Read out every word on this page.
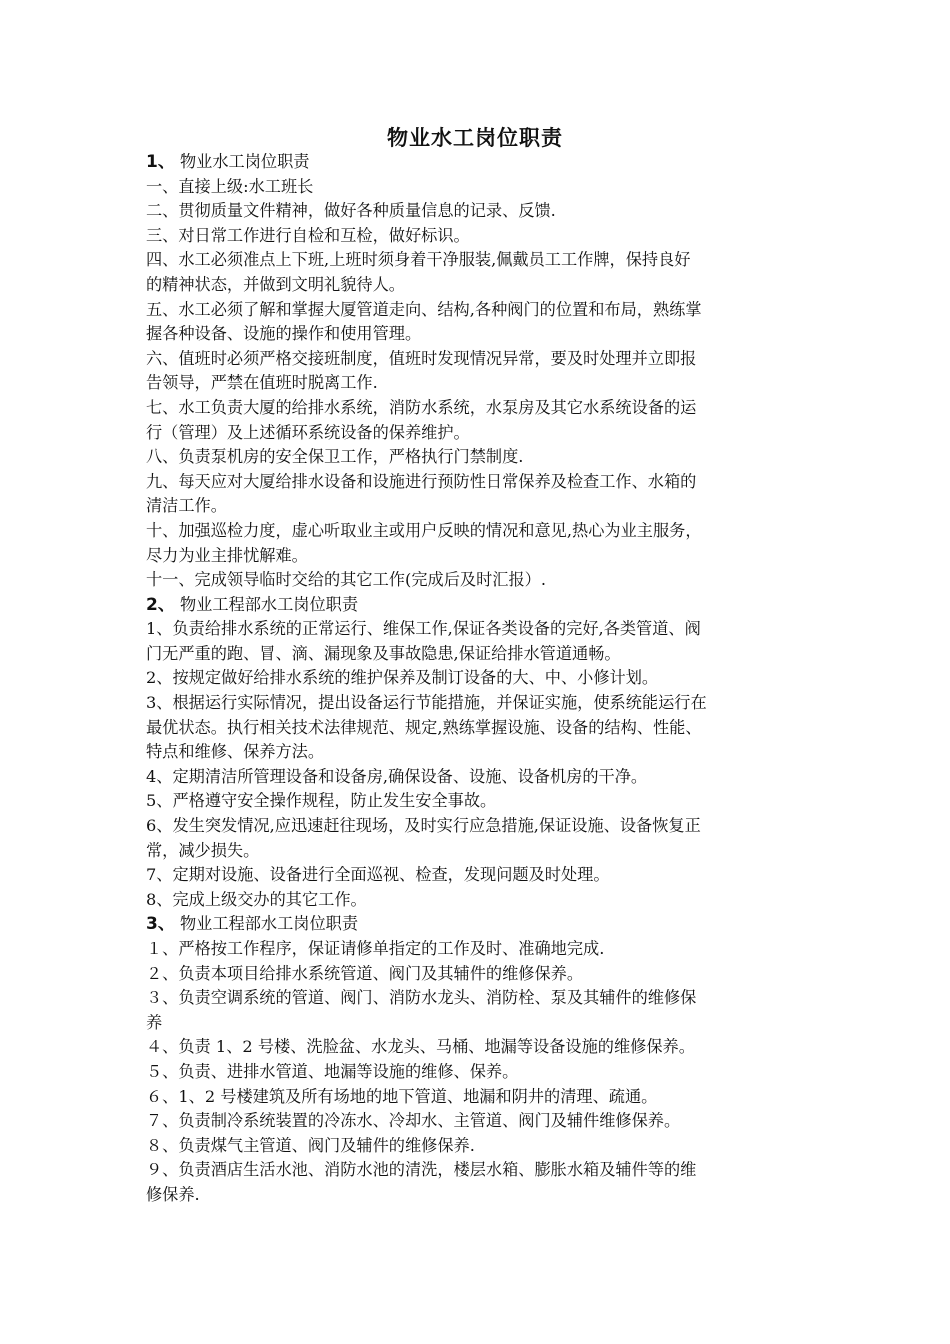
物业水工岗位职责
1、 物业水工岗位职责
一、直接上级:水工班长
二、贯彻质量文件精神，做好各种质量信息的记录、反馈.
三、对日常工作进行自检和互检，做好标识。
四、水工必须准点上下班,上班时须身着干净服装,佩戴员工工作牌，保持良好
的精神状态，并做到文明礼貌待人。
五、水工必须了解和掌握大厦管道走向、结构,各种阀门的位置和布局，熟练掌
握各种设备、设施的操作和使用管理。
六、值班时必须严格交接班制度，值班时发现情况异常，要及时处理并立即报
告领导，严禁在值班时脱离工作.
七、水工负责大厦的给排水系统，消防水系统，水泵房及其它水系统设备的运
行（管理）及上述循环系统设备的保养维护。
八、负责泵机房的安全保卫工作，严格执行门禁制度.
九、每天应对大厦给排水设备和设施进行预防性日常保养及检查工作、水箱的
清洁工作。
十、加强巡检力度，虚心听取业主或用户反映的情况和意见,热心为业主服务，
尽力为业主排忧解难。
十一、完成领导临时交给的其它工作(完成后及时汇报）.
2、 物业工程部水工岗位职责
1、负责给排水系统的正常运行、维保工作,保证各类设备的完好,各类管道、阀
门无严重的跑、冒、滴、漏现象及事故隐患,保证给排水管道通畅。
2、按规定做好给排水系统的维护保养及制订设备的大、中、小修计划。
3、根据运行实际情况，提出设备运行节能措施，并保证实施，使系统能运行在
最优状态。执行相关技术法律规范、规定,熟练掌握设施、设备的结构、性能、
特点和维修、保养方法。
4、定期清洁所管理设备和设备房,确保设备、设施、设备机房的干净。
5、严格遵守安全操作规程，防止发生安全事故。
6、发生突发情况,应迅速赶往现场，及时实行应急措施,保证设施、设备恢复正
常，减少损失。
7、定期对设施、设备进行全面巡视、检查，发现问题及时处理。
8、完成上级交办的其它工作。
3、 物业工程部水工岗位职责
１、严格按工作程序，保证请修单指定的工作及时、准确地完成.
２、负责本项目给排水系统管道、阀门及其辅件的维修保养。
３、负责空调系统的管道、阀门、消防水龙头、消防栓、泵及其辅件的维修保
养
４、负责 1、2 号楼、洗脸盆、水龙头、马桶、地漏等设备设施的维修保养。
５、负责、进排水管道、地漏等设施的维修、保养。
６、1、2 号楼建筑及所有场地的地下管道、地漏和阴井的清理、疏通。
７、负责制冷系统装置的冷冻水、冷却水、主管道、阀门及辅件维修保养。
８、负责煤气主管道、阀门及辅件的维修保养.
９、负责酒店生活水池、消防水池的清洗，楼层水箱、膨胀水箱及辅件等的维
修保养.
